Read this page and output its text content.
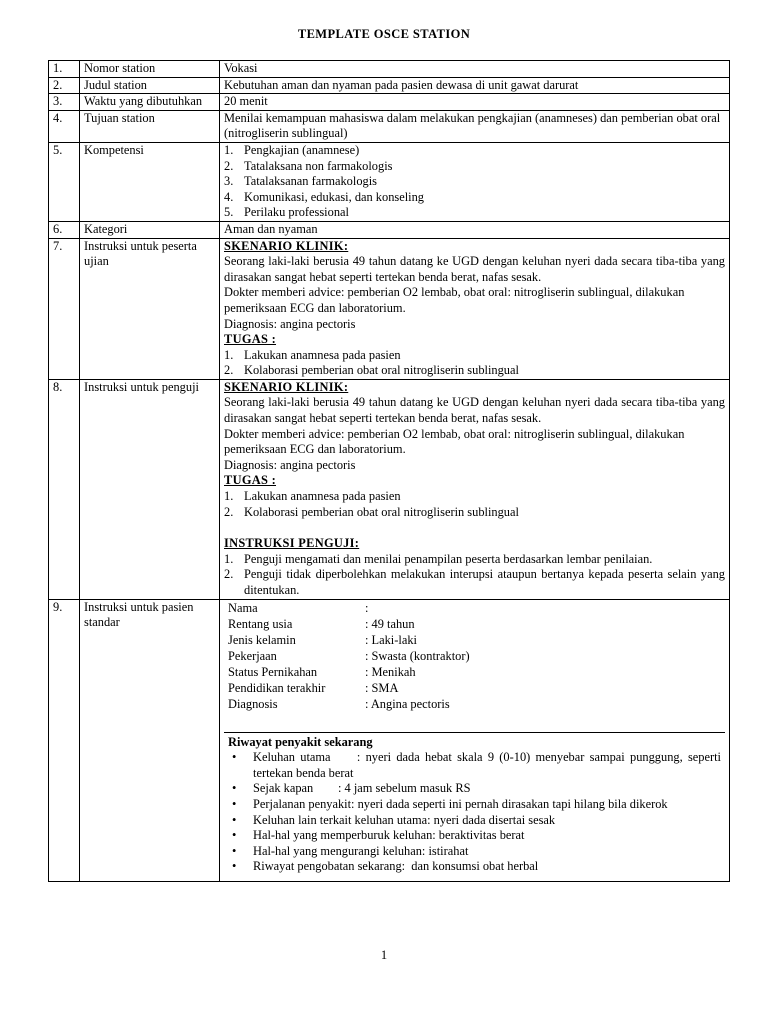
TEMPLATE OSCE STATION
1.	Nomor station	Vokasi
2.	Judul station	Kebutuhan aman dan nyaman pada pasien dewasa di unit gawat darurat
3.	Waktu yang dibutuhkan	20 menit
4.	Tujuan station	Menilai kemampuan mahasiswa dalam melakukan pengkajian (anamneses) dan pemberian obat oral (nitrogliserin sublingual)
5.	Kompetensi	1. Pengkajian (anamnese)
2. Tatalaksana non farmakologis
3. Tatalaksanan farmakologis
4. Komunikasi, edukasi, dan konseling
5. Perilaku professional

6.	Kategori	Aman dan nyaman
7.	Instruksi untuk peserta ujian	
SKENARIO KLINIK:
Seorang laki-laki berusia 49 tahun datang ke UGD dengan keluhan nyeri dada secara tiba-tiba yang dirasakan sangat hebat seperti tertekan benda berat, nafas sesak.
Dokter memberi advice: pemberian O2 lembab, obat oral: nitrogliserin sublingual, dilakukan pemeriksaan ECG dan laboratorium.
Diagnosis: angina pectoris
TUGAS :
1. Lakukan anamnesa pada pasien
2. Kolaborasi pemberian obat oral nitrogliserin sublingual

8.	Instruksi untuk penguji	SKENARIO KLINIK:
Seorang laki-laki berusia 49 tahun datang ke UGD dengan keluhan nyeri dada secara tiba-tiba yang dirasakan sangat hebat seperti tertekan benda berat, nafas sesak.
Dokter memberi advice: pemberian O2 lembab, obat oral: nitrogliserin sublingual, dilakukan pemeriksaan ECG dan laboratorium.
Diagnosis: angina pectoris
TUGAS :
1. Lakukan anamnesa pada pasien
2. Kolaborasi pemberian obat oral nitrogliserin sublingual
INSTRUKSI PENGUJI:
1. Penguji mengamati dan menilai penampilan peserta berdasarkan lembar penilaian.
2. Penguji tidak diperbolehkan melakukan interupsi ataupun bertanya kepada peserta selain yang ditentukan.

9.	Instruksi untuk pasien standar	
Nama	:
Rentang usia	: 49 tahun
Jenis kelamin	: Laki-laki
Pekerjaan	: Swasta (kontraktor)
Status Pernikahan	: Menikah
Pendidikan terakhir	: SMA
Diagnosis	: Angina pectoris
Riwayat penyakit sekarang
•	Keluhan utama     : nyeri dada hebat skala 9 (0-10) menyebar sampai punggung, seperti tertekan benda berat
•	Sejak kapan        : 4 jam sebelum masuk RS
•	Perjalanan penyakit: nyeri dada seperti ini pernah dirasakan tapi hilang bila dikerok
•	Keluhan lain terkait keluhan utama: nyeri dada disertai sesak
•	Hal-hal yang memperburuk keluhan: beraktivitas berat
•	Hal-hal yang mengurangi keluhan: istirahat
•	Riwayat pengobatan sekarang:  dan konsumsi obat herbal
1
